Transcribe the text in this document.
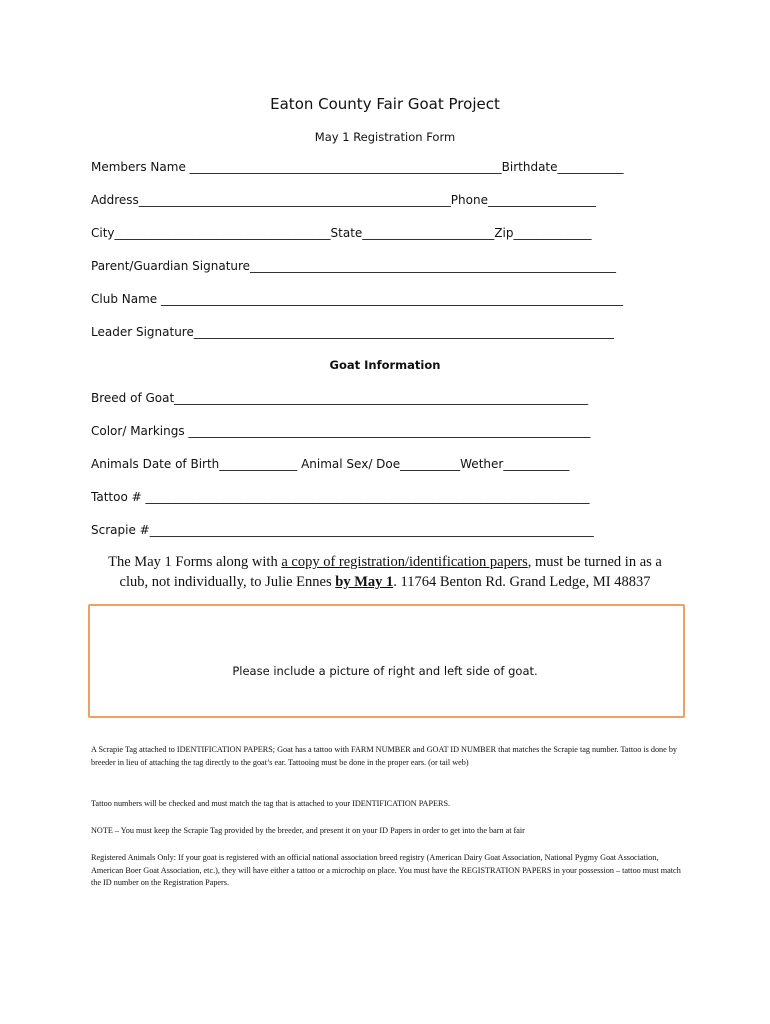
Eaton County Fair Goat Project
May 1 Registration Form
Members Name ____________________________________________________Birthdate___________
Address____________________________________________________Phone__________________
City____________________________________State______________________Zip_____________
Parent/Guardian Signature_____________________________________________________________
Club Name _____________________________________________________________________________
Leader Signature______________________________________________________________________
Goat Information
Breed of Goat_____________________________________________________________________
Color/ Markings ___________________________________________________________________
Animals Date of Birth_____________ Animal Sex/ Doe__________Wether___________
Tattoo # __________________________________________________________________________
Scrapie #__________________________________________________________________________
The May 1 Forms along with a copy of registration/identification papers, must be turned in as a club, not individually, to Julie Ennes by May 1. 11764 Benton Rd. Grand Ledge, MI 48837
Please include a picture of right and left side of goat.
A Scrapie Tag attached to IDENTIFICATION PAPERS; Goat has a tattoo with FARM NUMBER and GOAT ID NUMBER that matches the Scrapie tag number. Tattoo is done by breeder in lieu of attaching the tag directly to the goat’s ear. Tattooing must be done in the proper ears. (or tail web)
Tattoo numbers will be checked and must match the tag that is attached to your IDENTIFICATION PAPERS.
NOTE – You must keep the Scrapie Tag provided by the breeder, and present it on your ID Papers in order to get into the barn at fair
Registered Animals Only: If your goat is registered with an official national association breed registry (American Dairy Goat Association, National Pygmy Goat Association, American Boer Goat Association, etc.), they will have either a tattoo or a microchip on place. You must have the REGISTRATION PAPERS in your possession – tattoo must match the ID number on the Registration Papers.
